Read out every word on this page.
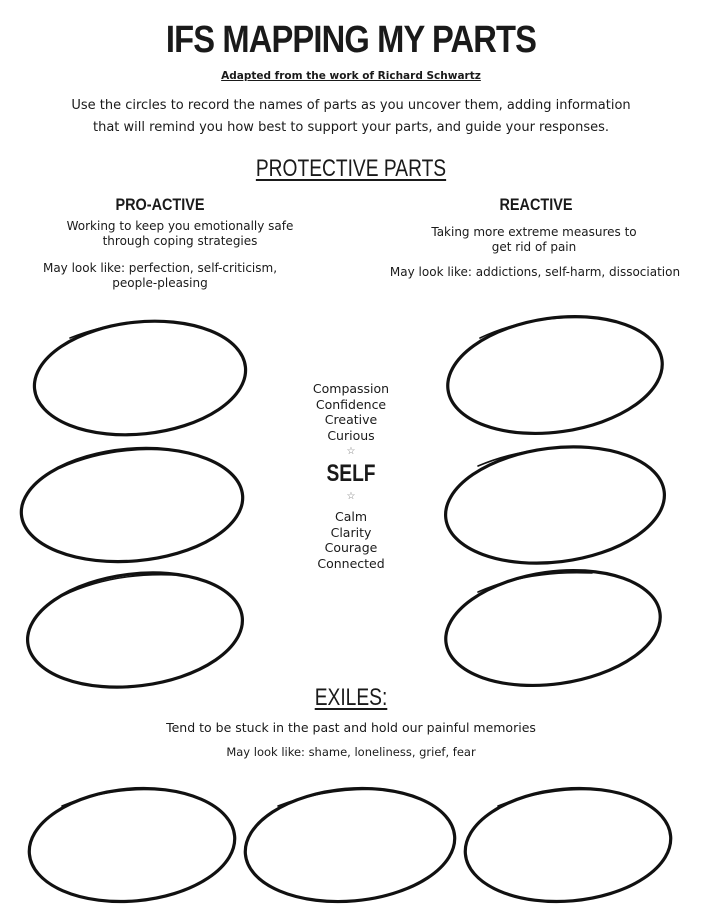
IFS MAPPING MY PARTS
Adapted from the work of Richard Schwartz
Use the circles to record the names of parts as you uncover them, adding information
that will remind you how best to support your parts, and guide your responses.
PROTECTIVE PARTS
PRO-ACTIVE
Working to keep you emotionally safe
through coping strategies
May look like: perfection, self-criticism,
people-pleasing
REACTIVE
Taking more extreme measures to
get rid of pain
May look like: addictions, self-harm, dissociation
Compassion
Confidence
Creative
Curious
☆
SELF
☆
Calm
Clarity
Courage
Connected
EXILES:
Tend to be stuck in the past and hold our painful memories
May look like: shame, loneliness, grief, fear
